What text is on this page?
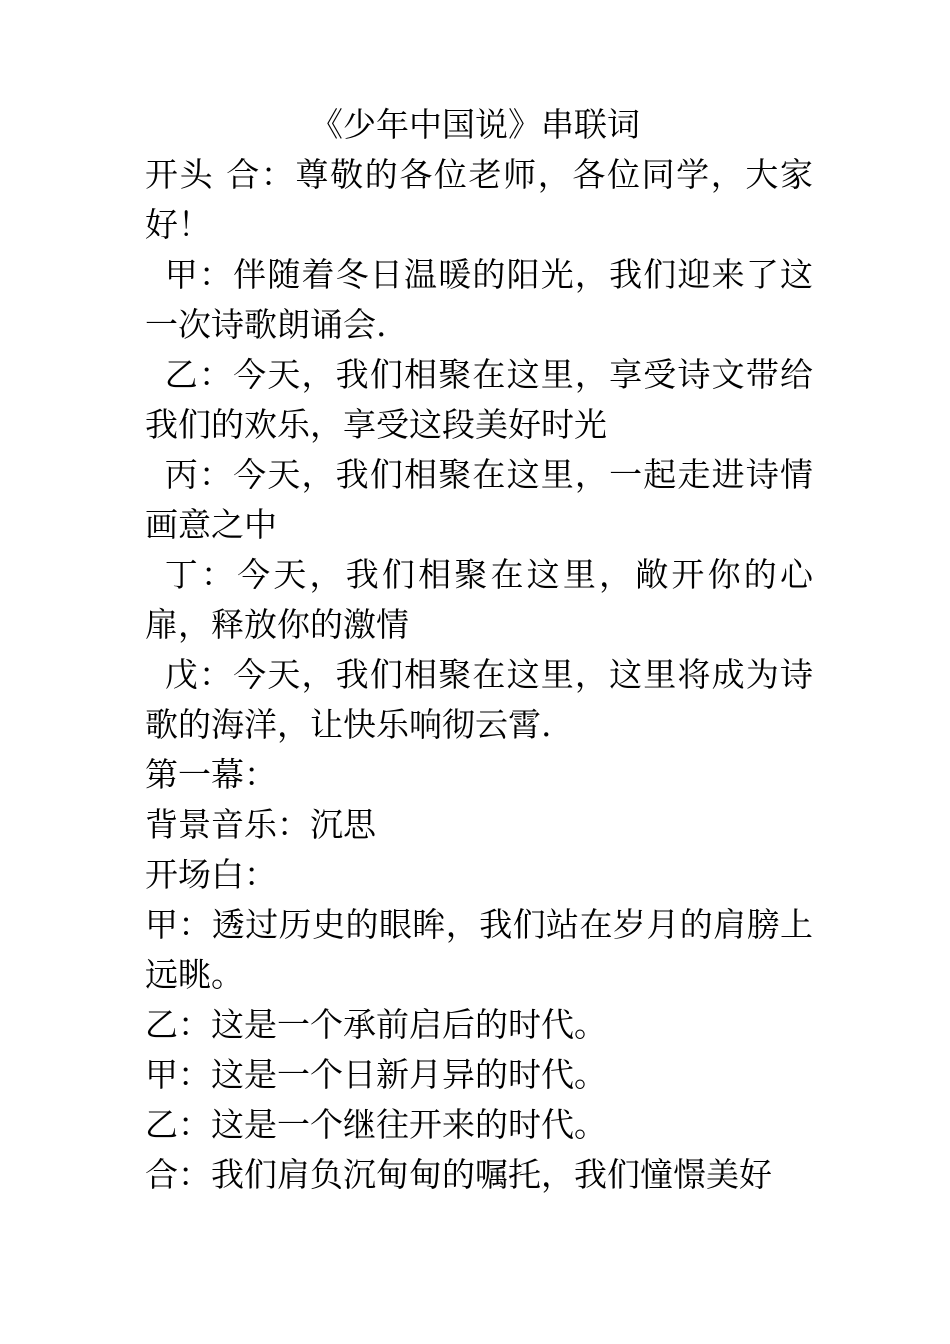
《少年中国说》串联词

开头 合：尊敬的各位老师，各位同学，大家好！

甲：伴随着冬日温暖的阳光，我们迎来了这一次诗歌朗诵会.

乙：今天，我们相聚在这里，享受诗文带给我们的欢乐，享受这段美好时光

丙：今天，我们相聚在这里，一起走进诗情画意之中

丁：今天，我们相聚在这里，敞开你的心扉，释放你的激情

戊：今天，我们相聚在这里，这里将成为诗歌的海洋，让快乐响彻云霄.

第一幕：

背景音乐：沉思

开场白：

甲：透过历史的眼眸，我们站在岁月的肩膀上远眺。

乙：这是一个承前启后的时代。

甲：这是一个日新月异的时代。

乙：这是一个继往开来的时代。

合：我们肩负沉甸甸的嘱托，我们憧憬美好
